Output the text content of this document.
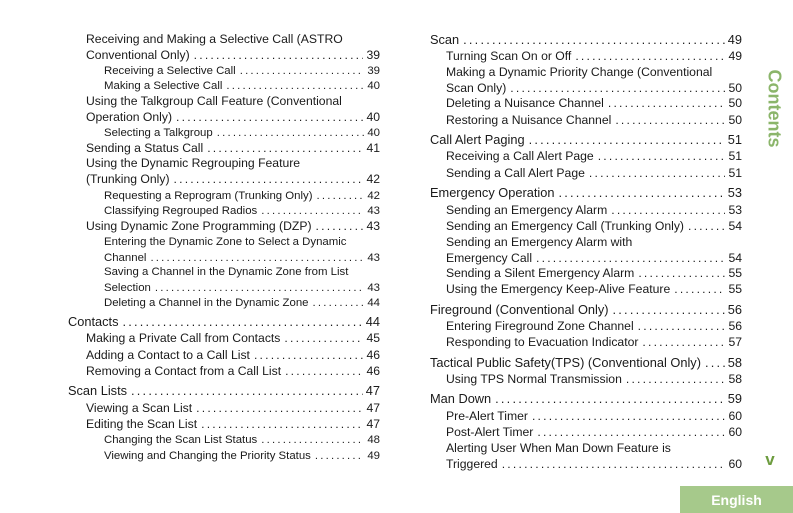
Receiving and Making a Selective Call (ASTRO
Conventional Only) .....	39
Receiving a Selective Call .....	39
Making a Selective Call .....	40
Using the Talkgroup Call Feature (Conventional
Operation Only) .....	40
Selecting a Talkgroup .....	40
Sending a Status Call .....	41
Using the Dynamic Regrouping Feature
(Trunking Only) .....	42
Requesting a Reprogram (Trunking Only) .....	42
Classifying Regrouped Radios .....	43
Using Dynamic Zone Programming (DZP) .....	43
Entering the Dynamic Zone to Select a Dynamic
Channel .....	43
Saving a Channel in the Dynamic Zone from List
Selection .....	43
Deleting a Channel in the Dynamic Zone .....	44
Contacts .....	44
Making a Private Call from Contacts .....	45
Adding a Contact to a Call List .....	46
Removing a Contact from a Call List .....	46
Scan Lists .....	47
Viewing a Scan List .....	47
Editing the Scan List .....	47
Changing the Scan List Status .....	48
Viewing and Changing the Priority Status .....	49
Scan .....	49
Turning Scan On or Off .....	49
Making a Dynamic Priority Change (Conventional
Scan Only) .....	50
Deleting a Nuisance Channel .....	50
Restoring a Nuisance Channel .....	50
Call Alert Paging .....	51
Receiving a Call Alert Page .....	51
Sending a Call Alert Page .....	51
Emergency Operation .....	53
Sending an Emergency Alarm .....	53
Sending an Emergency Call (Trunking Only) .....	54
Sending an Emergency Alarm with
Emergency Call .....	54
Sending a Silent Emergency Alarm .....	55
Using the Emergency Keep-Alive Feature .....	55
Fireground (Conventional Only) .....	56
Entering Fireground Zone Channel .....	56
Responding to Evacuation Indicator .....	57
Tactical Public Safety(TPS) (Conventional Only) ..... 58
Using TPS Normal Transmission .....	58
Man Down .....	59
Pre-Alert Timer .....	60
Post-Alert Timer .....	60
Alerting User When Man Down Feature is
Triggered .....	60
Contents
v
English
